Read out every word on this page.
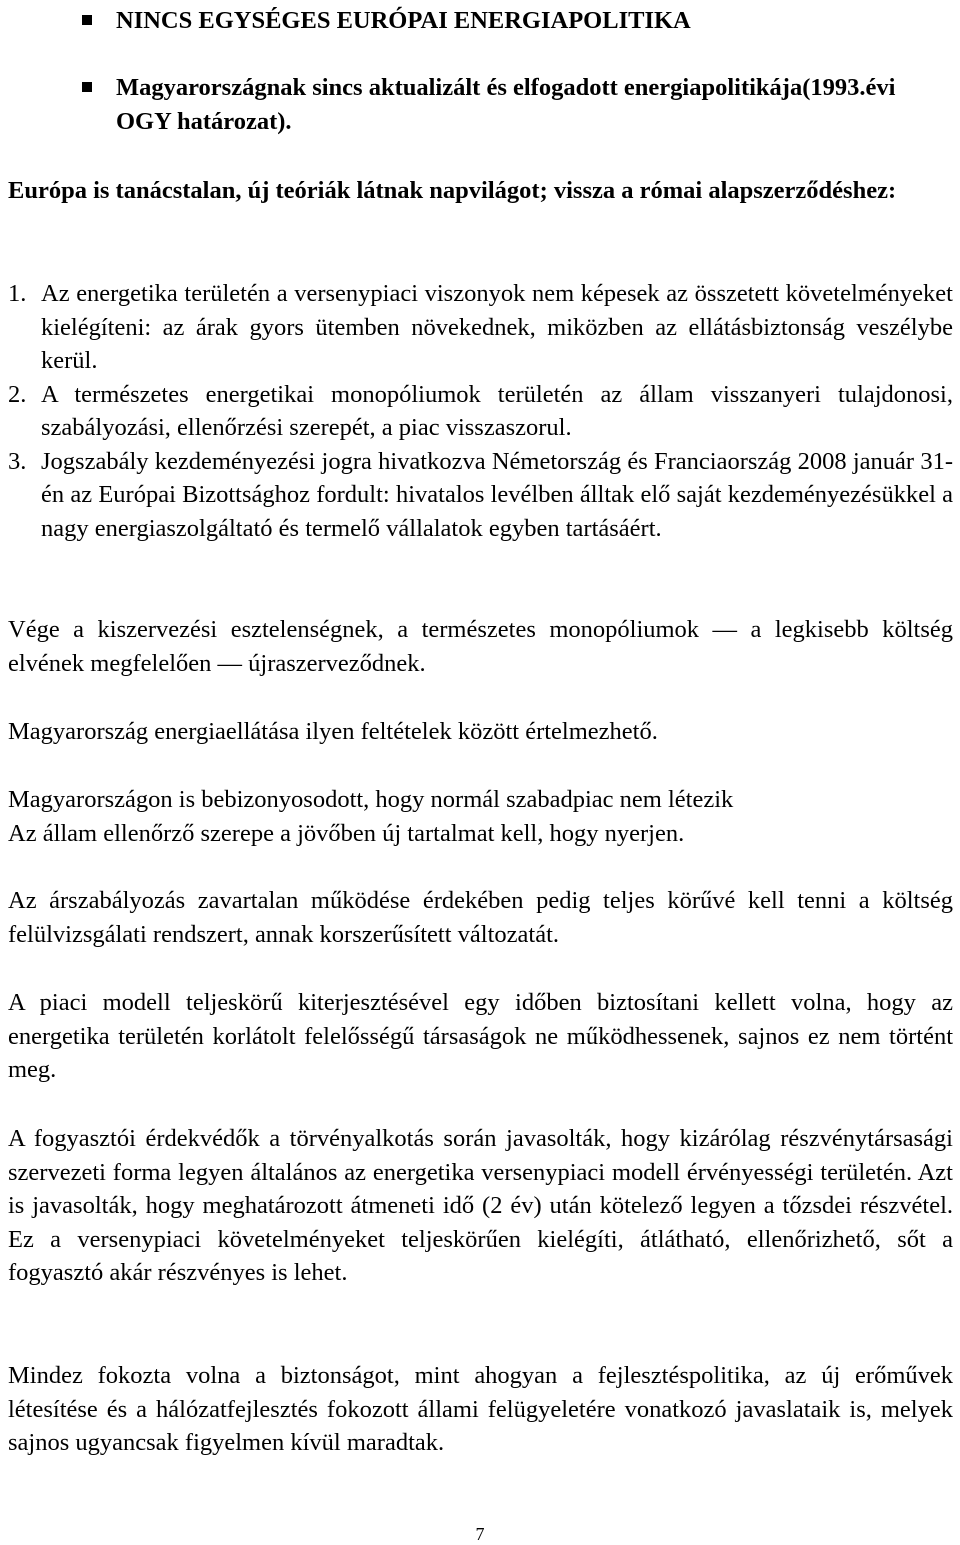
NINCS EGYSÉGES EURÓPAI ENERGIAPOLITIKA
Magyarországnak sincs aktualizált és elfogadott energiapolitikája(1993.évi OGY határozat).
Európa is tanácstalan, új teóriák látnak napvilágot; vissza a római alapszerződéshez:
1. Az energetika területén a versenypiaci viszonyok nem képesek az összetett követelményeket kielégíteni: az árak gyors ütemben növekednek, miközben az ellátásbiztonság veszélybe kerül.
2. A természetes energetikai monopóliumok területén az állam visszanyeri tulajdonosi, szabályozási, ellenőrzési szerepét, a piac visszaszorul.
3. Jogszabály kezdeményezési jogra hivatkozva Németország és Franciaország 2008 január 31-én az Európai Bizottsághoz fordult: hivatalos levélben álltak elő saját kezdeményezésükkel a nagy energiaszolgáltató és termelő vállalatok egyben tartásáért.
Vége a kiszervezési esztelenségnek, a természetes monopóliumok — a legkisebb költség elvének megfelelően — újraszerveződnek.
Magyarország energiaellátása ilyen feltételek között értelmezhető.
Magyarországon is bebizonyosodott, hogy normál szabadpiac nem létezik
Az állam ellenőrző szerepe a jövőben új tartalmat kell, hogy nyerjen.
Az árszabályozás zavartalan működése érdekében pedig teljes körűvé kell tenni a költség felülvizsgálati rendszert, annak korszerűsített változatát.
A piaci modell teljeskörű kiterjesztésével egy időben biztosítani kellett volna, hogy az energetika területén korlátolt felelősségű társaságok ne működhessenek, sajnos ez nem történt meg.
A fogyasztói érdekvédők a törvényalkotás során javasolták, hogy kizárólag részvénytársasági szervezeti forma legyen általános az energetika versenypiaci modell érvényességi területén. Azt is javasolták, hogy meghatározott átmeneti idő (2 év) után kötelező legyen a tőzsdei részvétel. Ez a versenypiaci követelményeket teljeskörűen kielégíti, átlátható, ellenőrizhető, sőt a fogyasztó akár részvényes is lehet.
Mindez fokozta volna a biztonságot, mint ahogyan a fejlesztéspolitika, az új erőművek létesítése és a hálózatfejlesztés fokozott állami felügyeletére vonatkozó javaslataik is, melyek sajnos ugyancsak figyelmen kívül maradtak.
7
